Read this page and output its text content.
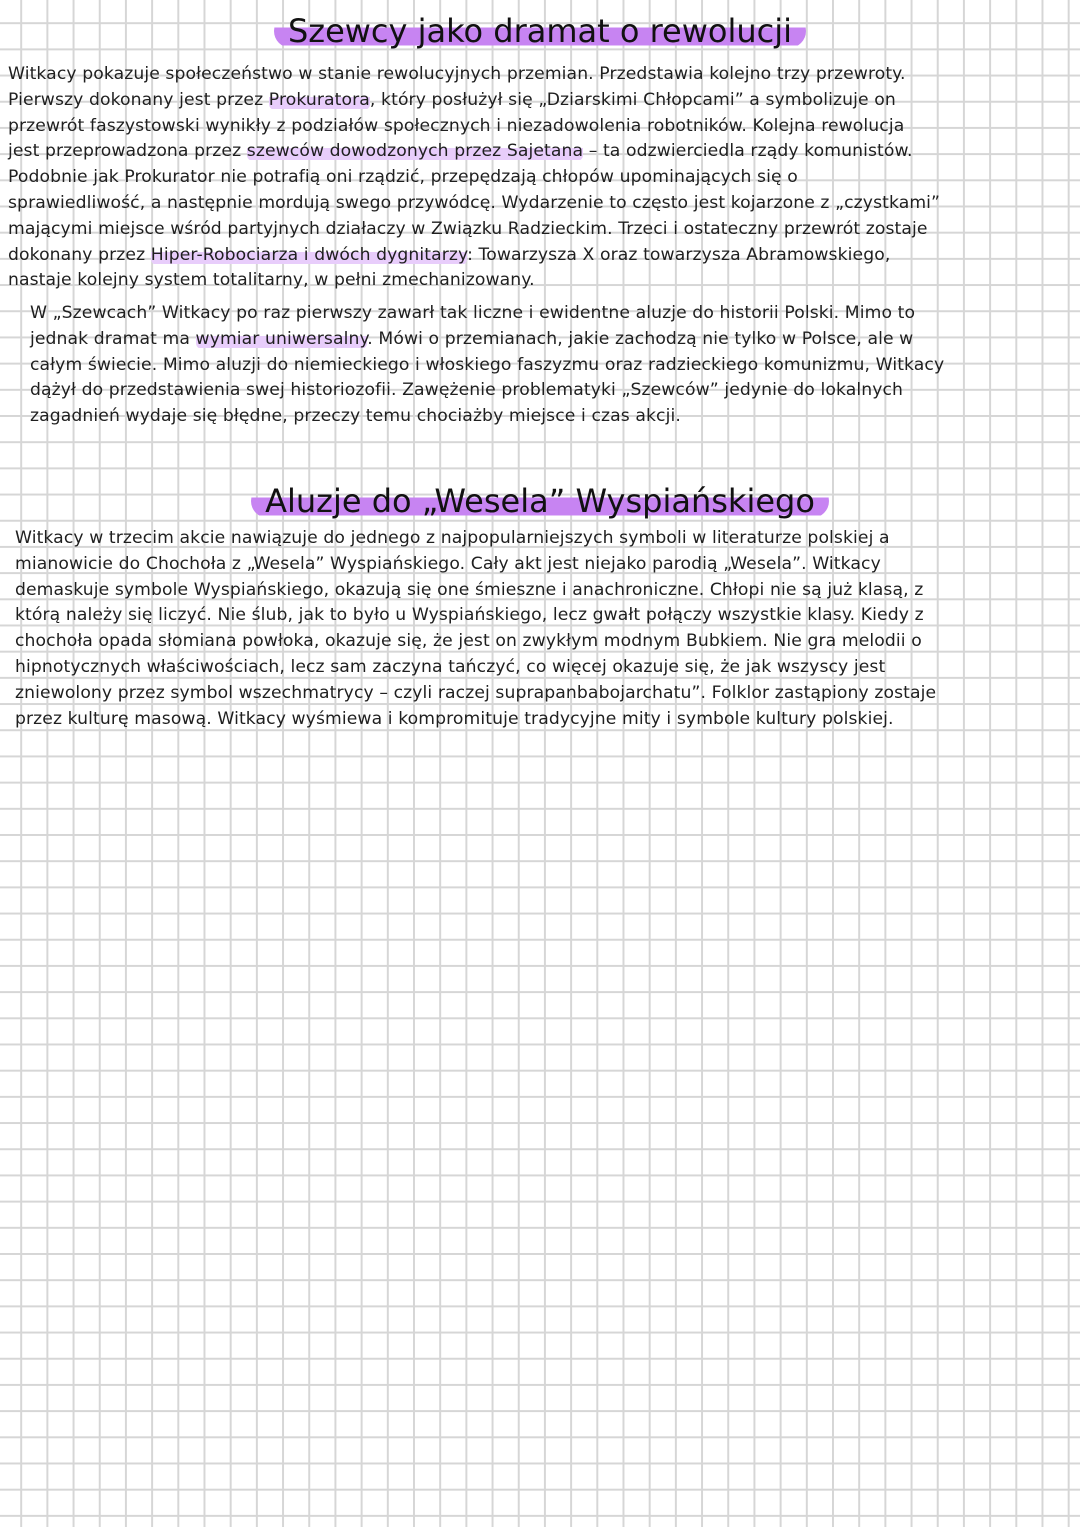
Szewcy jako dramat o rewolucji
Witkacy pokazuje społeczeństwo w stanie rewolucyjnych przemian. Przedstawia kolejno trzy przewroty.
Pierwszy dokonany jest przez Prokuratora, który posłużył się „Dziarskimi Chłopcami” a symbolizuje on
przewrót faszystowski wynikły z podziałów społecznych i niezadowolenia robotników. Kolejna rewolucja
jest przeprowadzona przez szewców dowodzonych przez Sajetana – ta odzwierciedla rządy komunistów.
Podobnie jak Prokurator nie potrafią oni rządzić, przepędzają chłopów upominających się o
sprawiedliwość, a następnie mordują swego przywódcę. Wydarzenie to często jest kojarzone z „czystkami”
mającymi miejsce wśród partyjnych działaczy w Związku Radzieckim. Trzeci i ostateczny przewrót zostaje
dokonany przez Hiper-Robociarza i dwóch dygnitarzy: Towarzysza X oraz towarzysza Abramowskiego,
nastaje kolejny system totalitarny, w pełni zmechanizowany.
W „Szewcach” Witkacy po raz pierwszy zawarł tak liczne i ewidentne aluzje do historii Polski. Mimo to
jednak dramat ma wymiar uniwersalny. Mówi o przemianach, jakie zachodzą nie tylko w Polsce, ale w
całym świecie. Mimo aluzji do niemieckiego i włoskiego faszyzmu oraz radzieckiego komunizmu, Witkacy
dążył do przedstawienia swej historiozofii. Zawężenie problematyki „Szewców” jedynie do lokalnych
zagadnień wydaje się błędne, przeczy temu chociażby miejsce i czas akcji.
Aluzje do „Wesela” Wyspiańskiego
Witkacy w trzecim akcie nawiązuje do jednego z najpopularniejszych symboli w literaturze polskiej a
mianowicie do Chochoła z „Wesela” Wyspiańskiego. Cały akt jest niejako parodią „Wesela”. Witkacy
demaskuje symbole Wyspiańskiego, okazują się one śmieszne i anachroniczne. Chłopi nie są już klasą, z
którą należy się liczyć. Nie ślub, jak to było u Wyspiańskiego, lecz gwałt połączy wszystkie klasy. Kiedy z
chochoła opada słomiana powłoka, okazuje się, że jest on zwykłym modnym Bubkiem. Nie gra melodii o
hipnotycznych właściwościach, lecz sam zaczyna tańczyć, co więcej okazuje się, że jak wszyscy jest
zniewolony przez symbol wszechmatrycy – czyli raczej suprapanbabojarchatu”. Folklor zastąpiony zostaje
przez kulturę masową. Witkacy wyśmiewa i kompromituje tradycyjne mity i symbole kultury polskiej.
